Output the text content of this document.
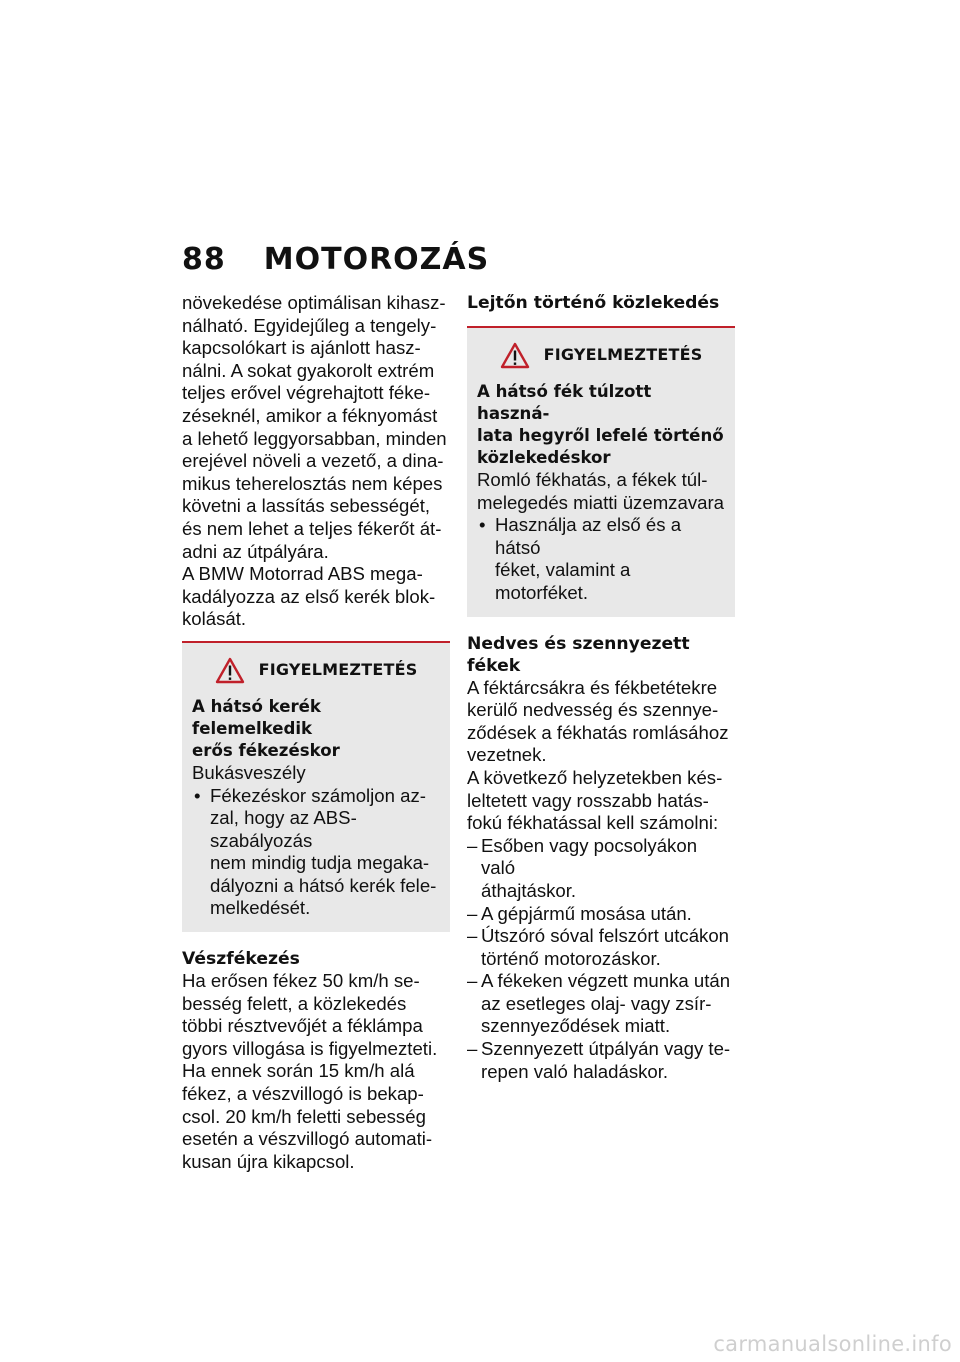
88 MOTOROZÁS

növekedése optimálisan kihasz-

nálható. Egyidejűleg a tengely-

kapcsolókart is ajánlott hasz-

nálni. A sokat gyakorolt extrém

teljes erővel végrehajtott féke-

zéseknél, amikor a féknyomást

a lehető leggyorsabban, minden

erejével növeli a vezető, a dina-

mikus teherelosztás nem képes

követni a lassítás sebességét,

és nem lehet a teljes fékerőt át-

adni az útpályára.

A BMW Motorrad ABS mega-

kadályozza az első kerék blok-

kolását.

FIGYELMEZTETÉS

A hátsó kerék felemelkedik

erős fékezéskor

Bukásveszély

• Fékezéskor számoljon az-

zal, hogy az ABS-szabályozás

nem mindig tudja megaka-

dályozni a hátsó kerék fele-

melkedését.

Vészfékezés

Ha erősen fékez 50 km/h se-

besség felett, a közlekedés

többi résztvevőjét a féklámpa

gyors villogása is figyelmezteti.

Ha ennek során 15 km/h alá

fékez, a vészvillogó is bekap-

csol. 20 km/h feletti sebesség

esetén a vészvillogó automati-

kusan újra kikapcsol.

Lejtőn történő közlekedés
FIGYELMEZTETÉS

A hátsó fék túlzott haszná-

lata hegyről lefelé történő

közlekedéskor

Romló fékhatás, a fékek túl-

melegedés miatti üzemzavara

• Használja az első és a hátsó

féket, valamint a motorféket.

Nedves és szennyezett fékek

A féktárcsákra és fékbetétekre

kerülő nedvesség és szennye-

ződések a fékhatás romlásához

vezetnek.

A következő helyzetekben kés-

leltetett vagy rosszabb hatás-

fokú fékhatással kell számolni:

– Esőben vagy pocsolyákon való

áthajtáskor.

– A gépjármű mosása után.

– Útszóró sóval felszórt utcákon

történő motorozáskor.

– A fékeken végzett munka után

az esetleges olaj- vagy zsír-

szennyeződések miatt.

– Szennyezett útpályán vagy te-

repen való haladáskor.

carmanualsonline.info
